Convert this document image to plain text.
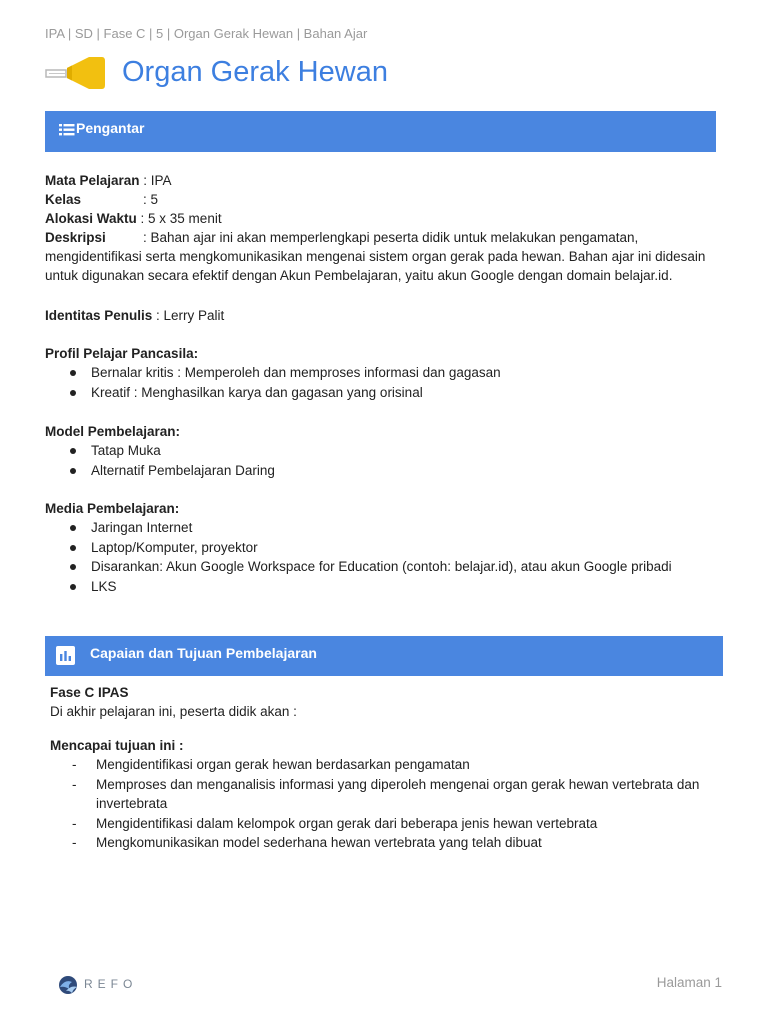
IPA | SD | Fase C | 5 | Organ Gerak Hewan | Bahan Ajar
Organ Gerak Hewan
Pengantar
Mata Pelajaran : IPA
Kelas	: 5
Alokasi Waktu : 5 x 35 menit
Deskripsi	: Bahan ajar ini akan memperlengkapi peserta didik untuk melakukan pengamatan, mengidentifikasi serta mengkomunikasikan mengenai sistem organ gerak pada hewan. Bahan ajar ini didesain untuk digunakan secara efektif dengan Akun Pembelajaran, yaitu akun Google dengan domain belajar.id.
Identitas Penulis : Lerry Palit
Profil Pelajar Pancasila:
Bernalar kritis : Memperoleh dan memproses informasi dan gagasan
Kreatif : Menghasilkan karya dan gagasan yang orisinal
Model Pembelajaran:
Tatap Muka
Alternatif Pembelajaran Daring
Media Pembelajaran:
Jaringan Internet
Laptop/Komputer, proyektor
Disarankan: Akun Google Workspace for Education (contoh: belajar.id), atau akun Google pribadi
LKS
Capaian dan Tujuan Pembelajaran
Fase C IPAS
Di akhir pelajaran ini, peserta didik akan :
Mencapai tujuan ini :
- Mengidentifikasi organ gerak hewan berdasarkan pengamatan
- Memproses dan menganalisis informasi yang diperoleh mengenai organ gerak hewan vertebrata dan invertebrata
- Mengidentifikasi dalam kelompok organ gerak dari beberapa jenis hewan vertebrata
- Mengkomunikasikan model sederhana hewan vertebrata yang telah dibuat
REFO	Halaman 1
